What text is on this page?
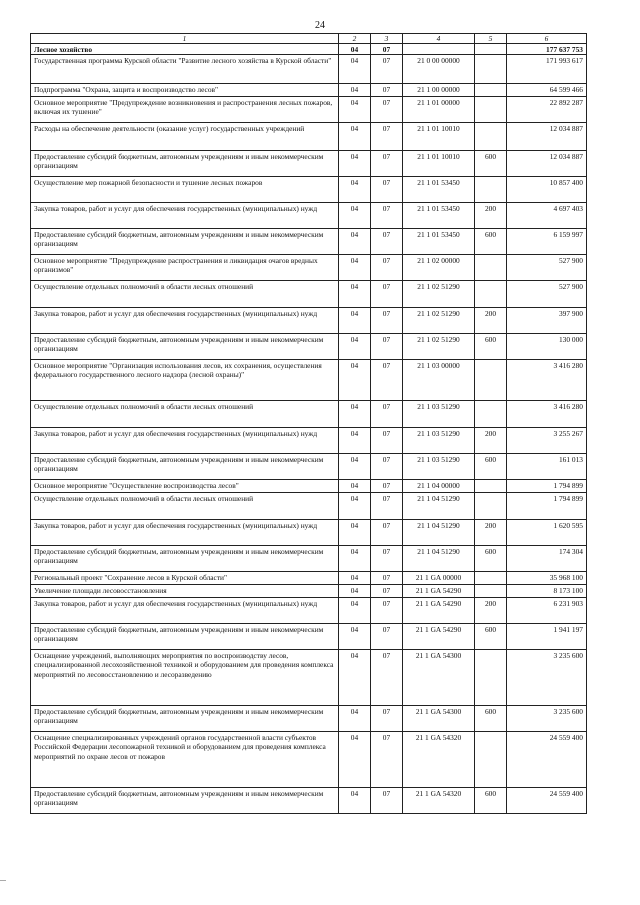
24
1	2	3	4	5	6
Лесное хозяйство	04	07			177 637 753
Государственная программа Курской области "Развитие лесного хозяйства в Курской области"	04	07	21 0 00 00000		171 993 617
Подпрограмма "Охрана, защита и воспроизводство лесов"	04	07	21 1 00 00000		64 599 466
Основное мероприятие "Предупреждение возникновения и распространения лесных пожаров, включая их тушение"	04	07	21 1 01 00000		22 892 287
Расходы на обеспечение деятельности (оказание услуг) государственных учреждений	04	07	21 1 01 10010		12 034 887
Предоставление субсидий бюджетным, автономным учреждениям и иным некоммерческим организациям	04	07	21 1 01 10010	600	12 034 887
Осуществление мер пожарной безопасности и тушение лесных пожаров	04	07	21 1 01 53450		10 857 400
Закупка товаров, работ и услуг для обеспечения государственных (муниципальных) нужд	04	07	21 1 01 53450	200	4 697 403
Предоставление субсидий бюджетным, автономным учреждениям и иным некоммерческим организациям	04	07	21 1 01 53450	600	6 159 997
Основное мероприятие "Предупреждение распространения и ликвидация очагов вредных организмов"	04	07	21 1 02 00000		527 900
Осуществление отдельных полномочий в области лесных отношений	04	07	21 1 02 51290		527 900
Закупка товаров, работ и услуг для обеспечения государственных (муниципальных) нужд	04	07	21 1 02 51290	200	397 900
Предоставление субсидий бюджетным, автономным учреждениям и иным некоммерческим организациям	04	07	21 1 02 51290	600	130 000
Основное мероприятие "Организация использования лесов, их сохранения, осуществления федерального государственного лесного надзора (лесной охраны)"	04	07	21 1 03 00000		3 416 280
Осуществление отдельных полномочий в области лесных отношений	04	07	21 1 03 51290		3 416 280
Закупка товаров, работ и услуг для обеспечения государственных (муниципальных) нужд	04	07	21 1 03 51290	200	3 255 267
Предоставление субсидий бюджетным, автономным учреждениям и иным некоммерческим организациям	04	07	21 1 03 51290	600	161 013
Основное мероприятие "Осуществление воспроизводства лесов"	04	07	21 1 04 00000		1 794 899
Осуществление отдельных полномочий в области лесных отношений	04	07	21 1 04 51290		1 794 899
Закупка товаров, работ и услуг для обеспечения государственных (муниципальных) нужд	04	07	21 1 04 51290	200	1 620 595
Предоставление субсидий бюджетным, автономным учреждениям и иным некоммерческим организациям	04	07	21 1 04 51290	600	174 304
Региональный проект "Сохранение лесов в Курской области"	04	07	21 1 GA 00000		35 968 100
Увеличение площади лесовосстановления	04	07	21 1 GA 54290		8 173 100
Закупка товаров, работ и услуг для обеспечения государственных (муниципальных) нужд	04	07	21 1 GA 54290	200	6 231 903
Предоставление субсидий бюджетным, автономным учреждениям и иным некоммерческим организациям	04	07	21 1 GA 54290	600	1 941 197
Оснащение учреждений, выполняющих мероприятия по воспроизводству лесов, специализированной лесохозяйственной техникой и оборудованием для проведения комплекса мероприятий по лесовосстановлению и лесоразведению	04	07	21 1 GA 54300		3 235 600
Предоставление субсидий бюджетным, автономным учреждениям и иным некоммерческим организациям	04	07	21 1 GA 54300	600	3 235 600
Оснащение специализированных учреждений органов государственной власти субъектов Российской Федерации лесопожарной техникой и оборудованием для проведения комплекса мероприятий по охране лесов от пожаров	04	07	21 1 GA 54320		24 559 400
Предоставление субсидий бюджетным, автономным учреждениям и иным некоммерческим организациям	04	07	21 1 GA 54320	600	24 559 400
